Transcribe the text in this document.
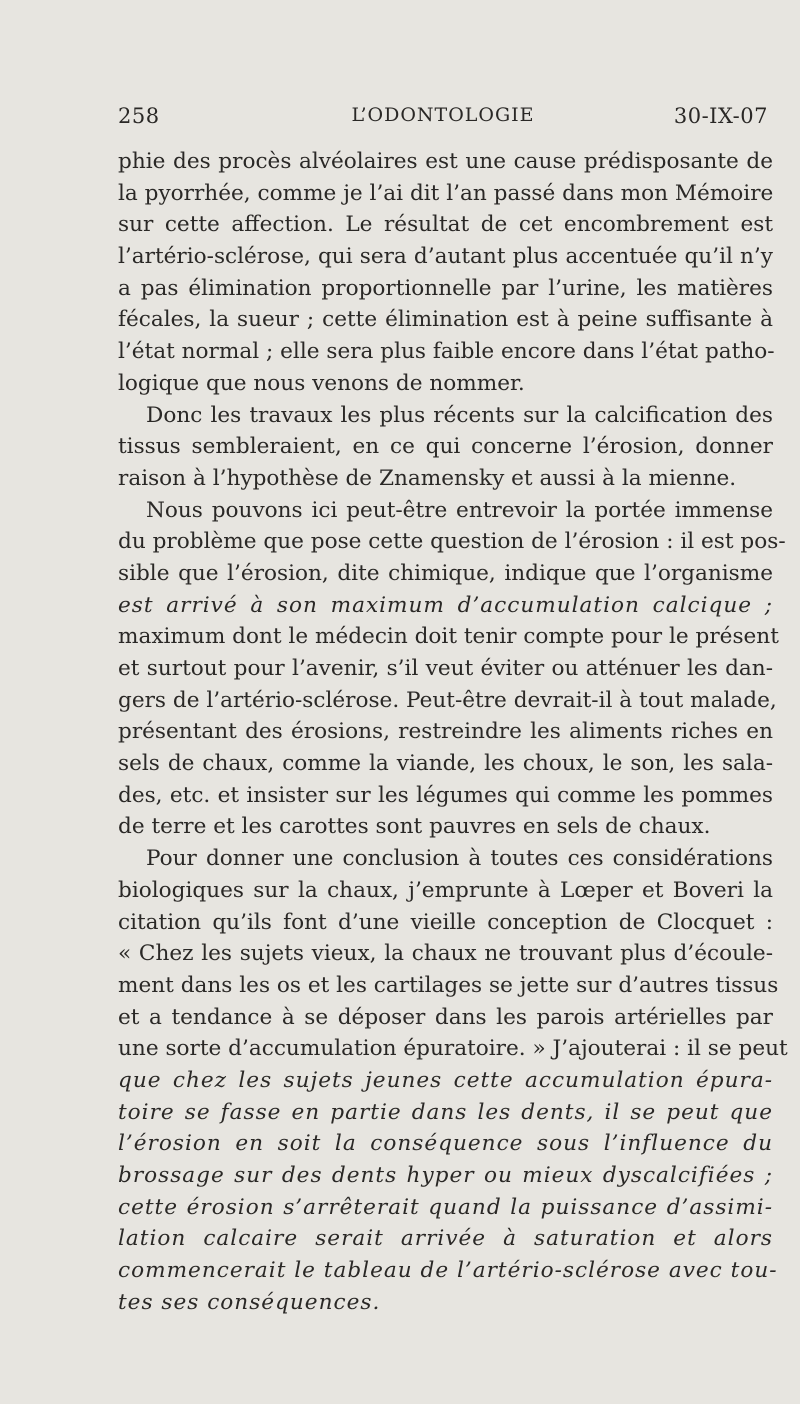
258	L’ODONTOLOGIE	30-IX-07
phie des procès alvéolaires est une cause prédisposante de
la pyorrhée, comme je l’ai dit l’an passé dans mon Mémoire
sur cette affection. Le résultat de cet encombrement est
l’artério-sclérose, qui sera d’autant plus accentuée qu’il n’y
a pas élimination proportionnelle par l’urine, les matières
fécales, la sueur ; cette élimination est à peine suffisante à
l’état normal ; elle sera plus faible encore dans l’état patho-
logique que nous venons de nommer.
Donc les travaux les plus récents sur la calcification des
tissus sembleraient, en ce qui concerne l’érosion, donner
raison à l’hypothèse de Znamensky et aussi à la mienne.
Nous pouvons ici peut-être entrevoir la portée immense
du problème que pose cette question de l’érosion : il est pos-
sible que l’érosion, dite chimique, indique que l’organisme
est arrivé à son maximum d’accumulation calcique ;
maximum dont le médecin doit tenir compte pour le présent
et surtout pour l’avenir, s’il veut éviter ou atténuer les dan-
gers de l’artério-sclérose. Peut-être devrait-il à tout malade,
présentant des érosions, restreindre les aliments riches en
sels de chaux, comme la viande, les choux, le son, les sala-
des, etc. et insister sur les légumes qui comme les pommes
de terre et les carottes sont pauvres en sels de chaux.
Pour donner une conclusion à toutes ces considérations
biologiques sur la chaux, j’emprunte à Lœper et Boveri la
citation qu’ils font d’une vieille conception de Clocquet :
« Chez les sujets vieux, la chaux ne trouvant plus d’écoule-
ment dans les os et les cartilages se jette sur d’autres tissus
et a tendance à se déposer dans les parois artérielles par
une sorte d’accumulation épuratoire. » J’ajouterai : il se peut
que chez les sujets jeunes cette accumulation épura-
toire se fasse en partie dans les dents, il se peut que
l’érosion en soit la conséquence sous l’influence du
brossage sur des dents hyper ou mieux dyscalcifiées ;
cette érosion s’arrêterait quand la puissance d’assimi-
lation calcaire serait arrivée à saturation et alors
commencerait le tableau de l’artério-sclérose avec tou-
tes ses conséquences.
